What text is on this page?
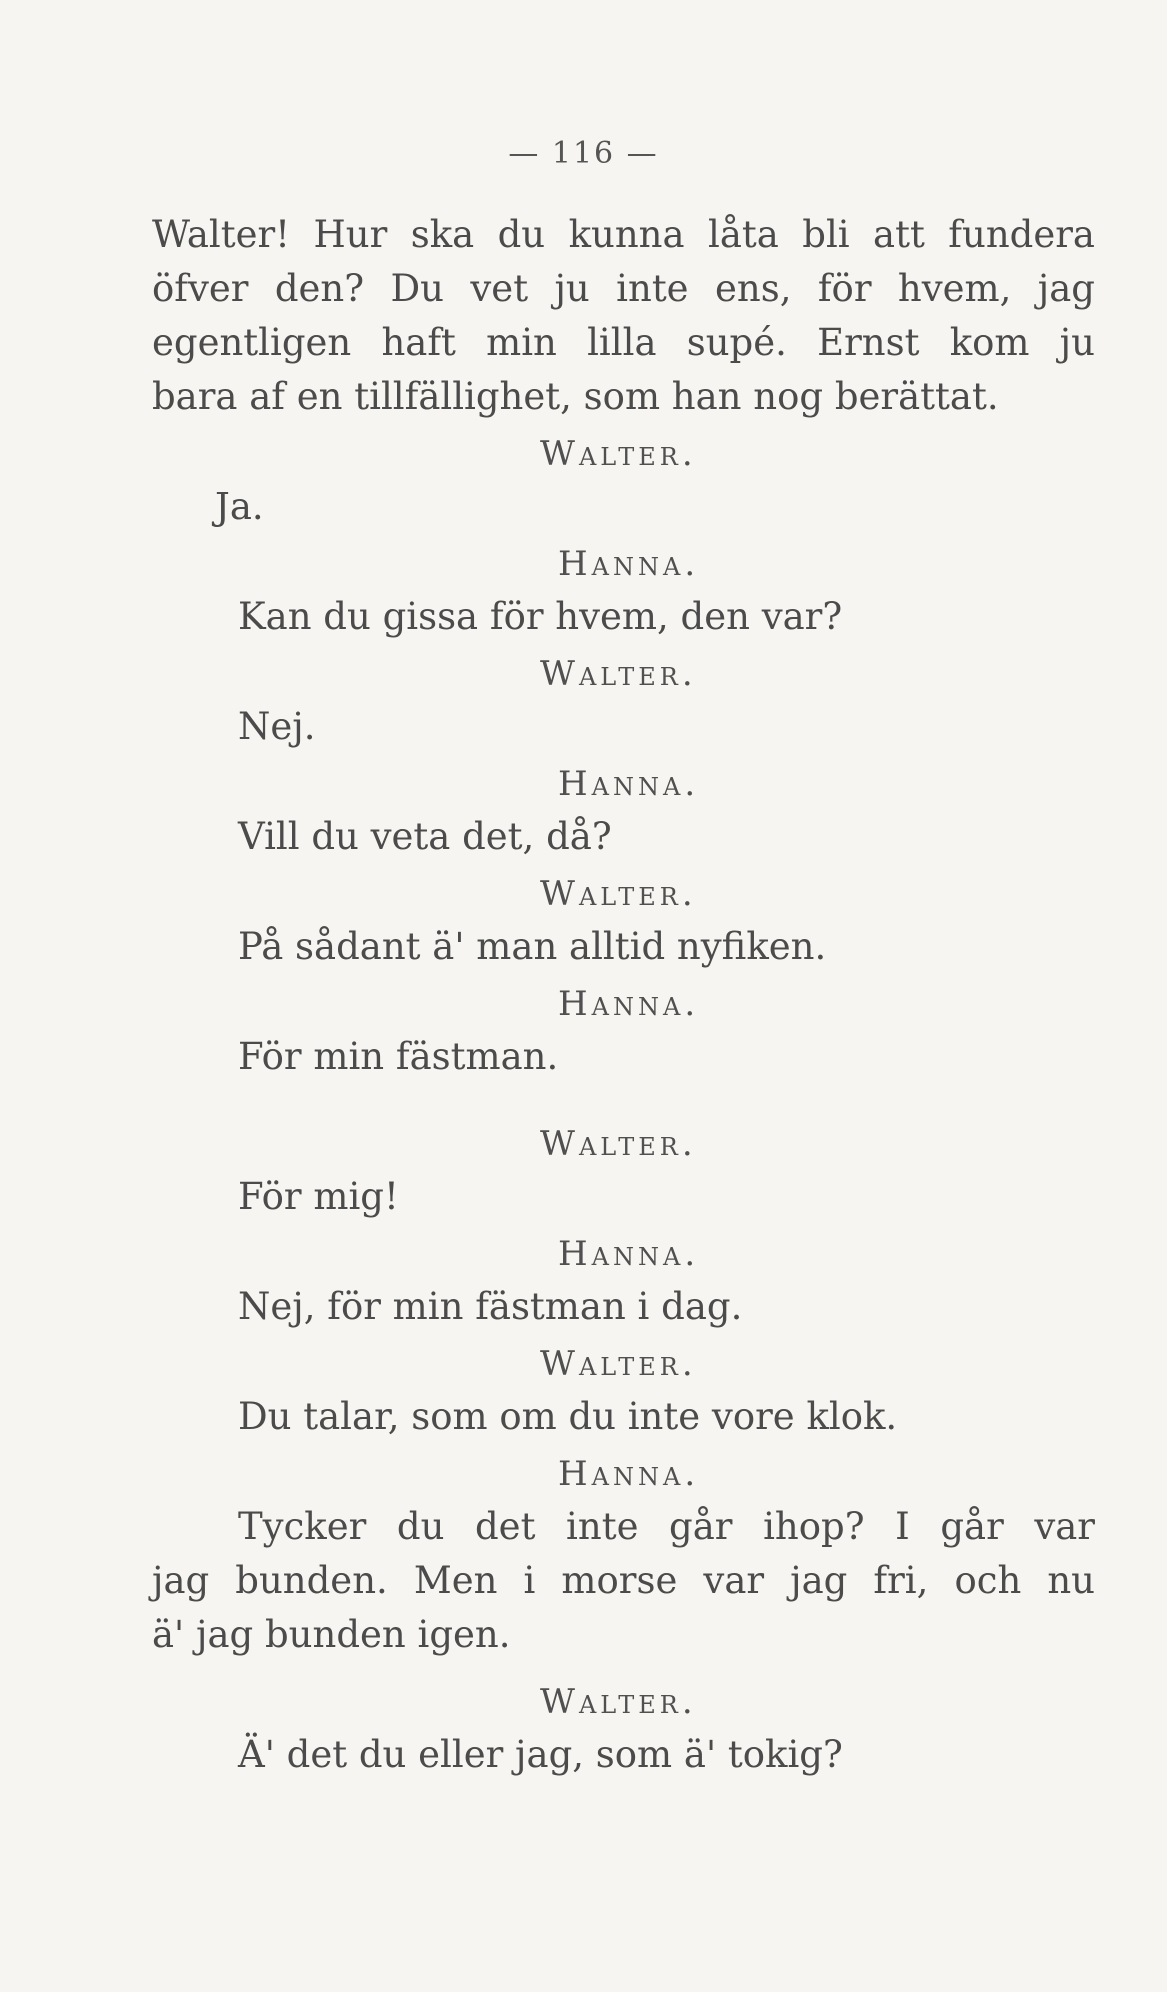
— 116 —
Walter! Hur ska du kunna låta bli att fundera
öfver den? Du vet ju inte ens, för hvem, jag
egentligen haft min lilla supé. Ernst kom ju
bara af en tillfällighet, som han nog berättat.
Walter.
Ja.
Hanna.
Kan du gissa för hvem, den var?
Walter.
Nej.
Hanna.
Vill du veta det, då?
Walter.
På sådant ä' man alltid nyfiken.
Hanna.
För min fästman.
Walter.
För mig!
Hanna.
Nej, för min fästman i dag.
Walter.
Du talar, som om du inte vore klok.
Hanna.
Tycker du det inte går ihop? I går var
jag bunden. Men i morse var jag fri, och nu
ä' jag bunden igen.
Walter.
Ä' det du eller jag, som ä' tokig?
